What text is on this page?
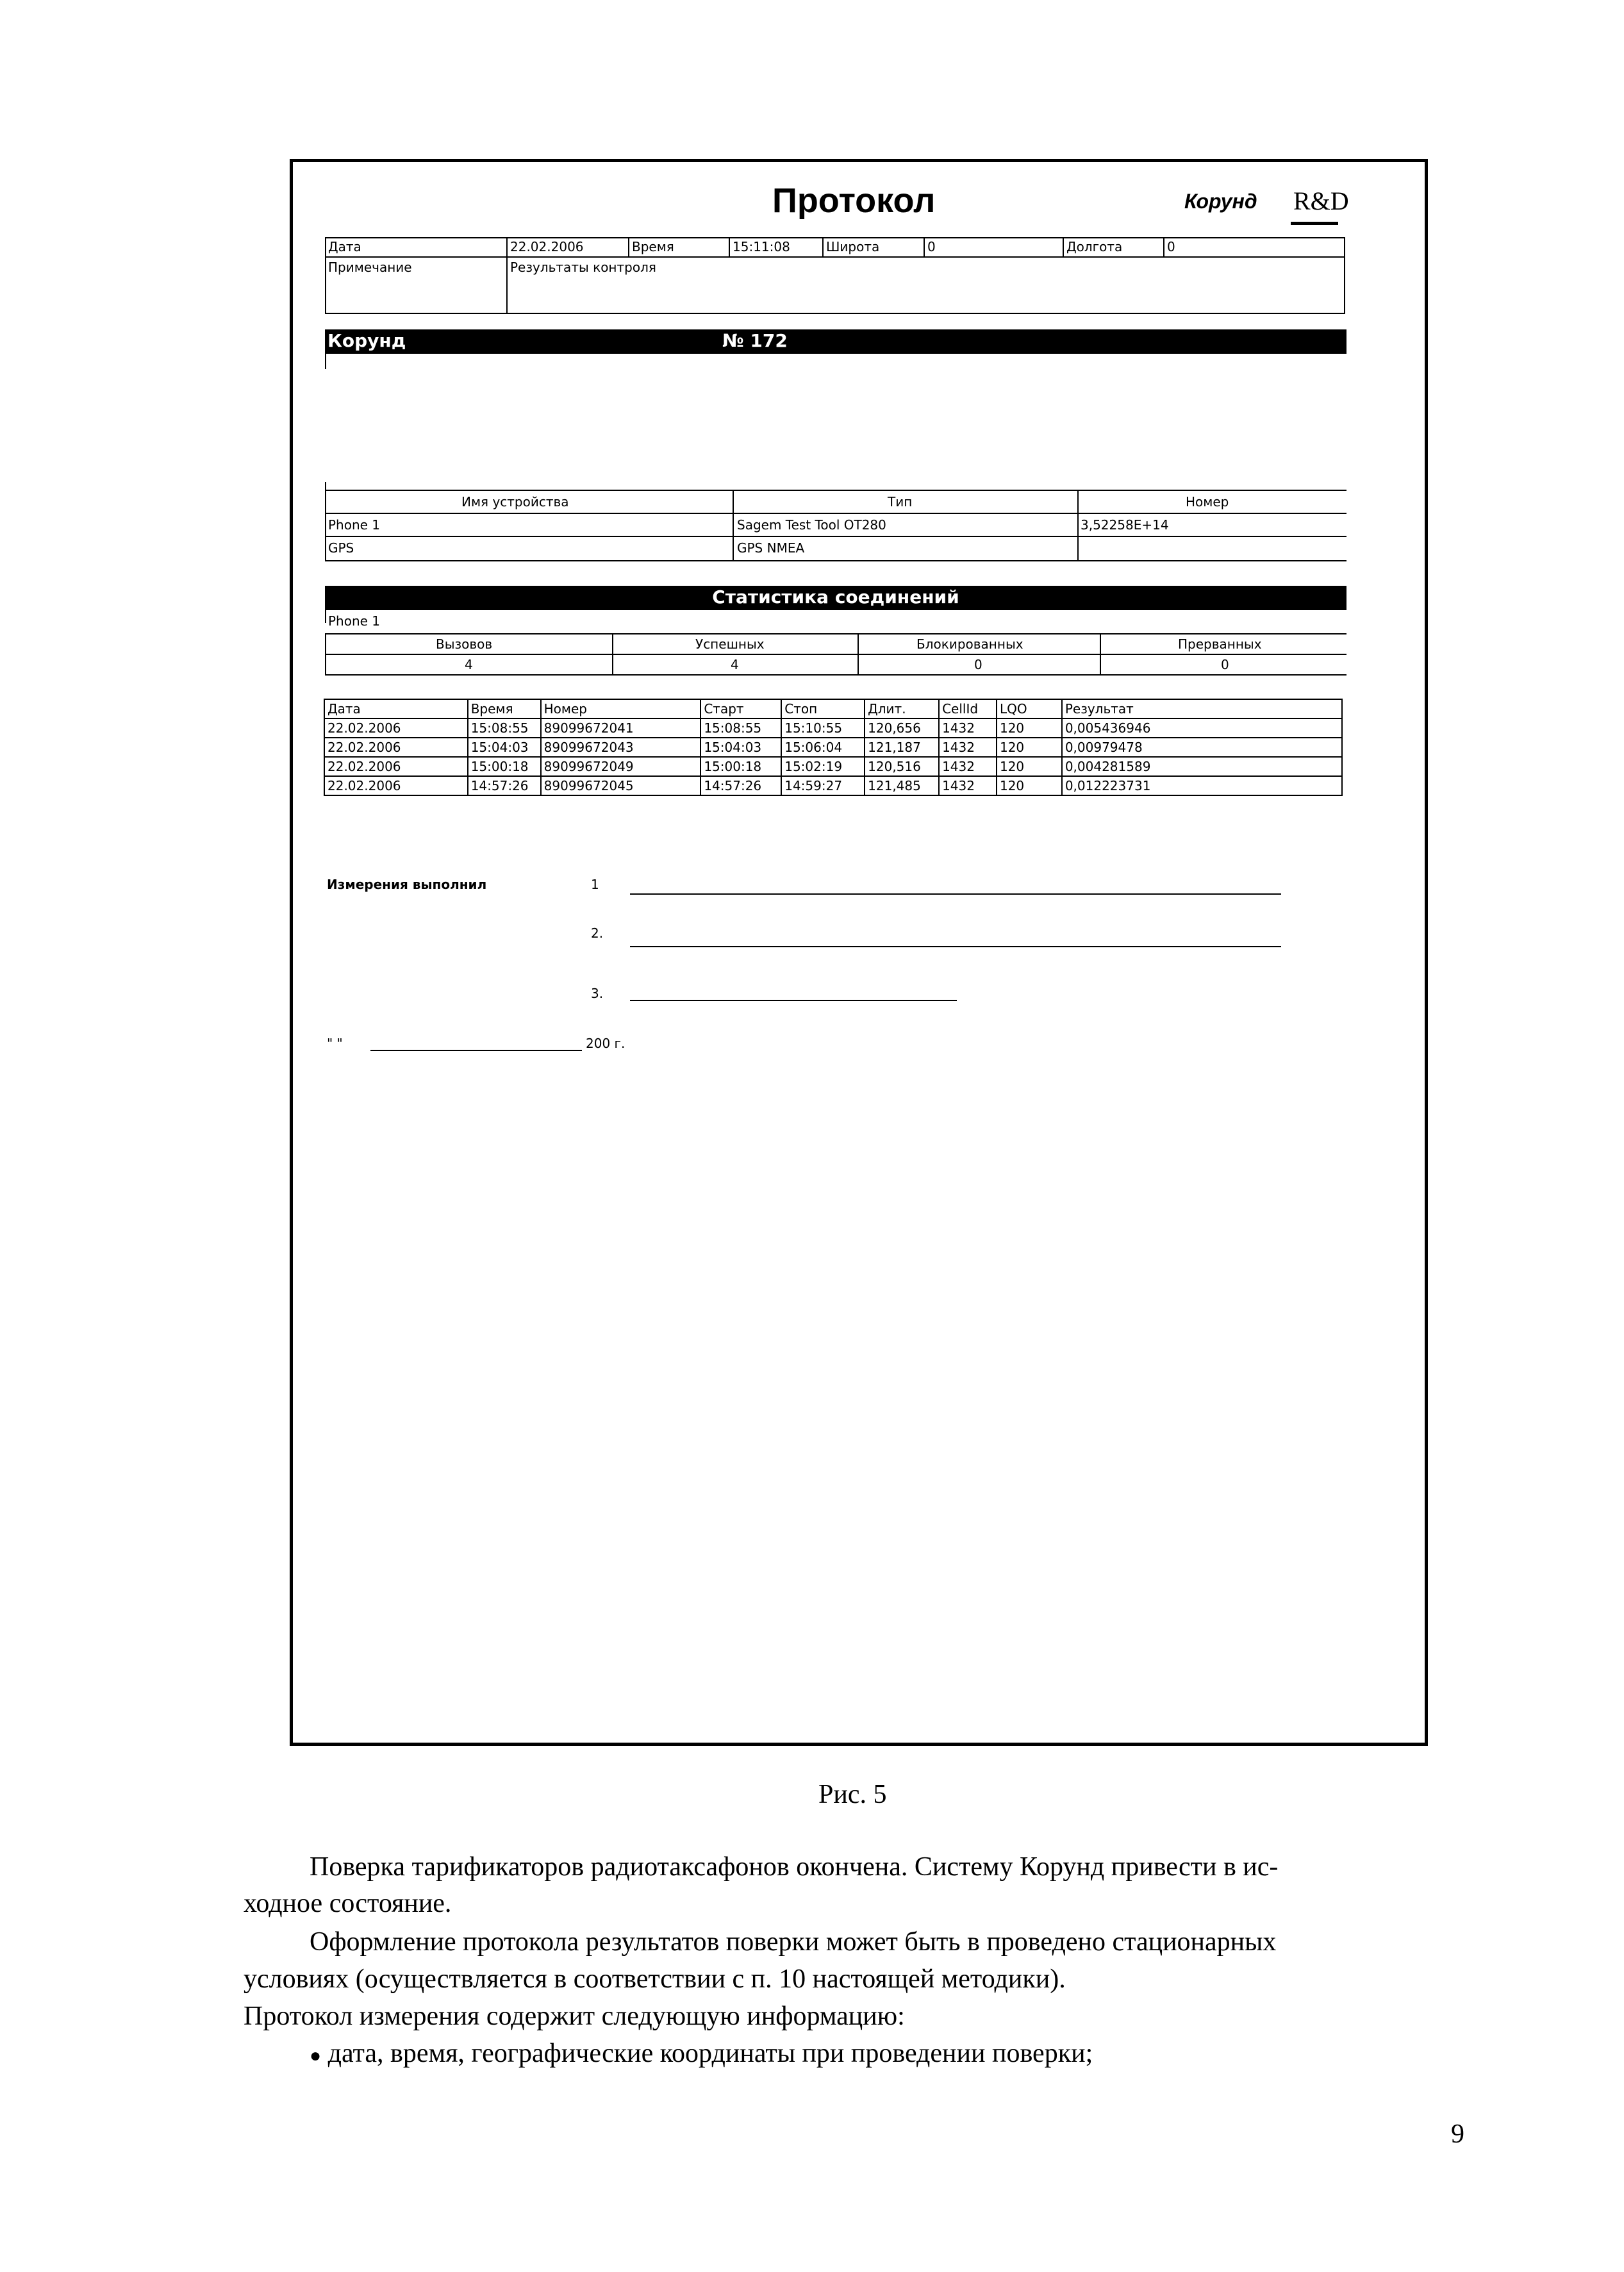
Протокол	Корунд R&D
Дата	22.02.2006	Время	15:11:08	Широта	0	Долгота	0
Примечание	Результаты контроля
Корунд	№ 172
Имя устройства	Тип	Номер
Phone 1	Sagem Test Tool OT280	3,52258E+14
GPS	GPS NMEA
Статистика соединений
Phone 1
Вызовов	Успешных	Блокированных	Прерванных
4	4	0	0
Дата	Время	Номер	Старт	Стоп	Длит.	CellId	LQO	Результат
22.02.2006	15:08:55	89099672041	15:08:55	15:10:55	120,656	1432	120	0,005436946
22.02.2006	15:04:03	89099672043	15:04:03	15:06:04	121,187	1432	120	0,00979478
22.02.2006	15:00:18	89099672049	15:00:18	15:02:19	120,516	1432	120	0,004281589
22.02.2006	14:57:26	89099672045	14:57:26	14:59:27	121,485	1432	120	0,012223731
Измерения выполнил	1
2.
3.
" "	200 г.
Рис. 5
Поверка тарификаторов радиотаксафонов окончена. Систему Корунд привести в ис-
ходное состояние.
Оформление протокола результатов поверки может быть в проведено стационарных
условиях (осуществляется в соответствии с п. 10 настоящей методики).
Протокол измерения содержит следующую информацию:
● дата, время, географические координаты при проведении поверки;
9
